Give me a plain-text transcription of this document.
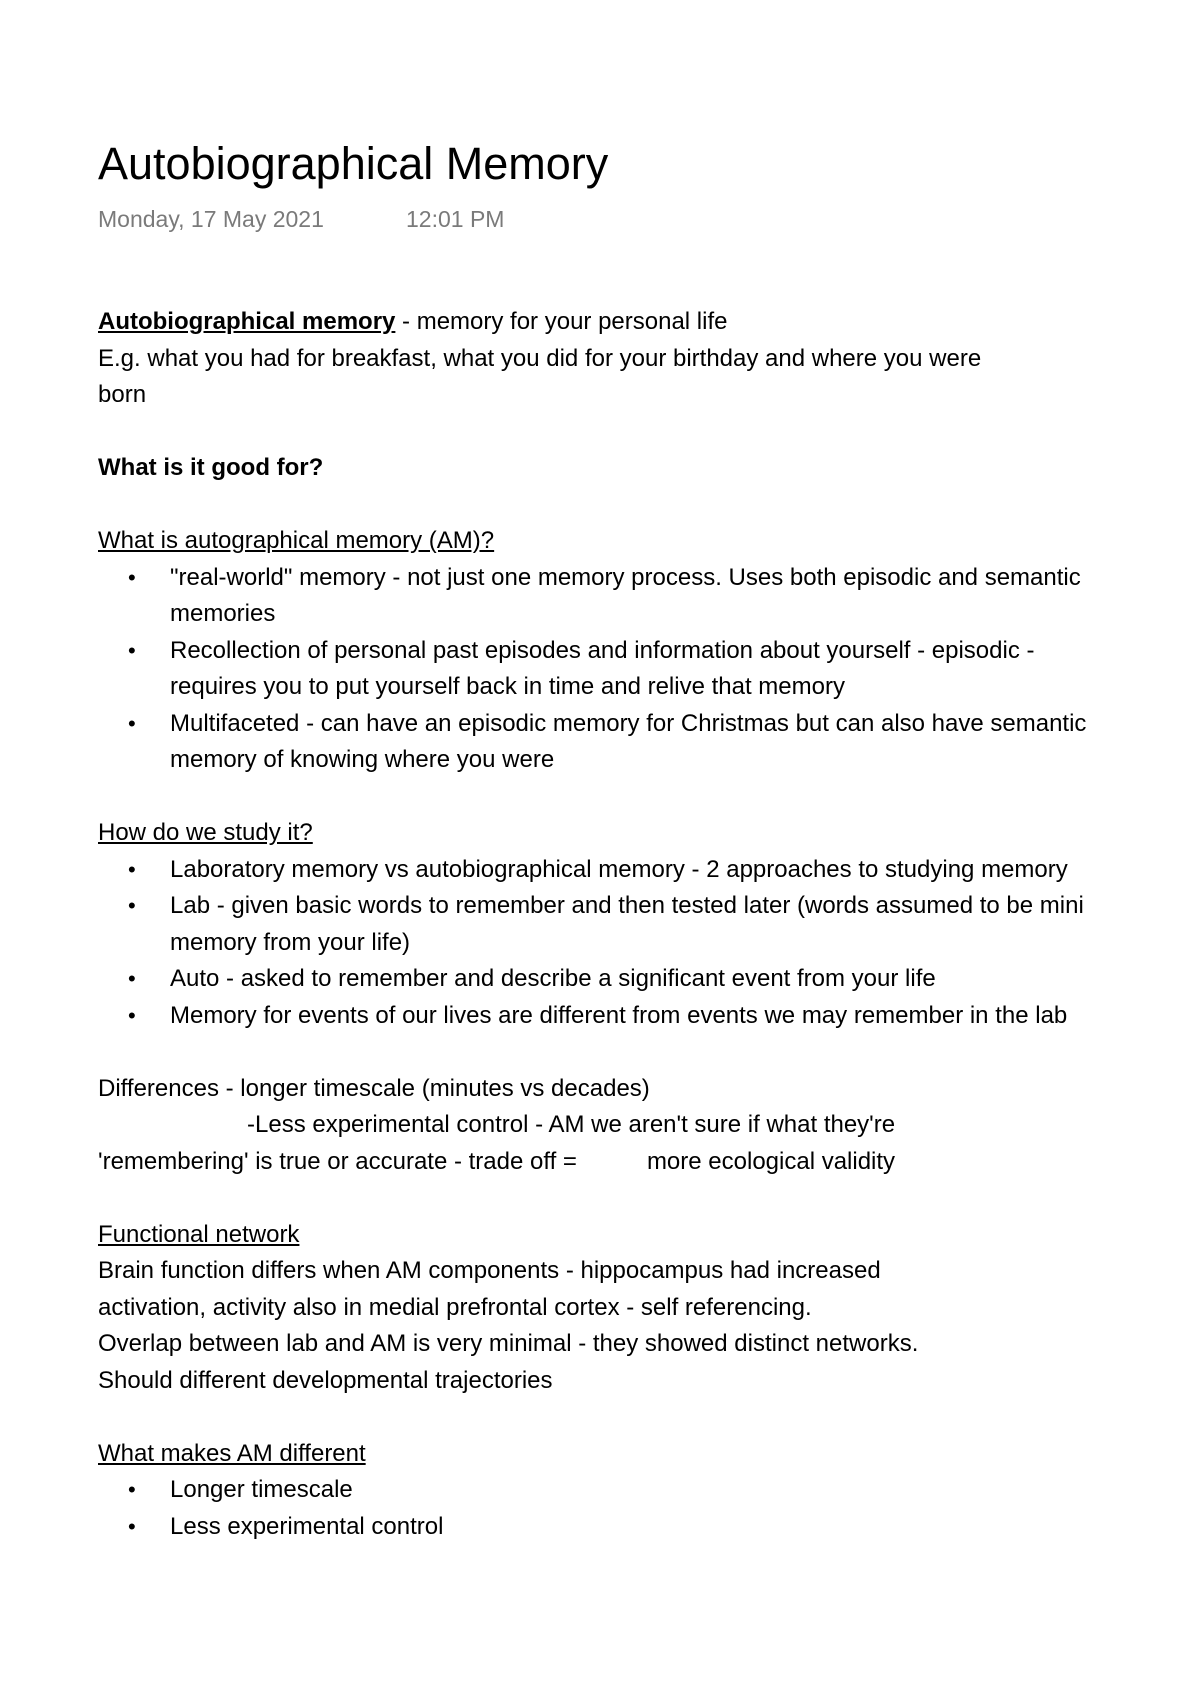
Autobiographical Memory
Monday, 17 May 2021	12:01 PM
Autobiographical memory - memory for your personal life
E.g. what you had for breakfast, what you did for your birthday and where you were
born
What is it good for?
What is autographical memory (AM)?
• "real-world" memory - not just one memory process. Uses both episodic and semantic memories
• Recollection of personal past episodes and information about yourself - episodic - requires you to put yourself back in time and relive that memory
• Multifaceted - can have an episodic memory for Christmas but can also have semantic memory of knowing where you were
How do we study it?
• Laboratory memory vs autobiographical memory - 2 approaches to studying memory
• Lab - given basic words to remember and then tested later (words assumed to be mini memory from your life)
• Auto - asked to remember and describe a significant event from your life
• Memory for events of our lives are different from events we may remember in the lab
Differences - longer timescale (minutes vs decades)
-Less experimental control - AM we aren't sure if what they're
'remembering' is true or accurate - trade off =	more ecological validity
Functional network
Brain function differs when AM components - hippocampus had increased
activation, activity also in medial prefrontal cortex - self referencing.
Overlap between lab and AM is very minimal - they showed distinct networks.
Should different developmental trajectories
What makes AM different
• Longer timescale
• Less experimental control
